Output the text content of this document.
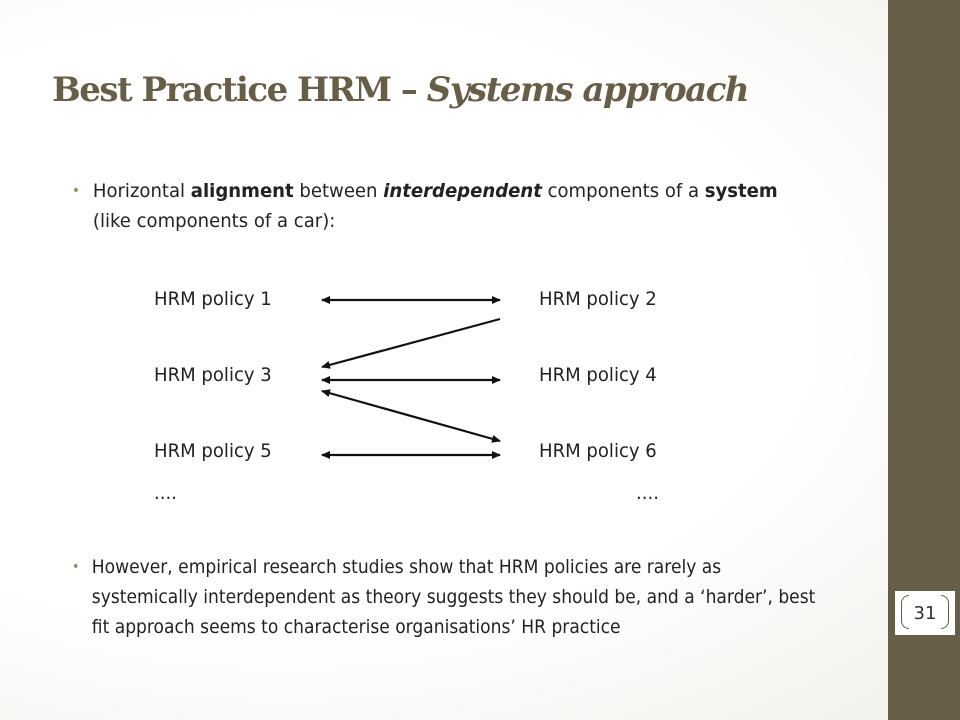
Best Practice HRM – Systems approach
• Horizontal alignment between interdependent components of a system (like components of a car):
HRM policy 1	HRM policy 2
HRM policy 3	HRM policy 4
HRM policy 5	HRM policy 6
....	....
• However, empirical research studies show that HRM policies are rarely as systemically interdependent as theory suggests they should be, and a ‘harder’, best fit approach seems to characterise organisations’ HR practice
31
